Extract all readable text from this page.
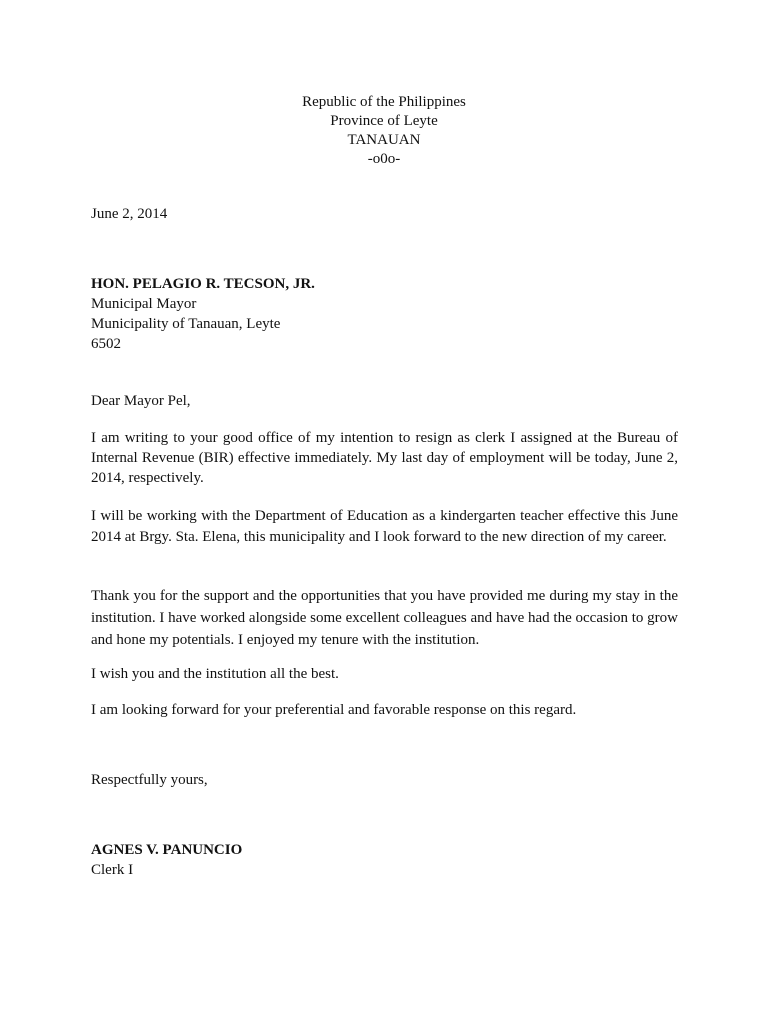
Republic of the Philippines
Province of Leyte
TANAUAN
-o0o-
June 2, 2014
HON. PELAGIO R. TECSON, JR.
Municipal Mayor
Municipality of Tanauan, Leyte
6502
Dear Mayor Pel,

I am writing to your good office of my intention to resign as clerk I assigned at the Bureau of Internal Revenue (BIR) effective immediately. My last day of employment will be today, June 2, 2014, respectively.

I will be working with the Department of Education as a kindergarten teacher effective this June 2014 at Brgy. Sta. Elena, this municipality and I look forward to the new direction of my career.

Thank you for the support and the opportunities that you have provided me during my stay in the institution. I have worked alongside some excellent colleagues and have had the occasion to grow and hone my potentials. I enjoyed my tenure with the institution.

I wish you and the institution all the best.

I am looking forward for your preferential and favorable response on this regard.

Respectfully yours,
AGNES V. PANUNCIO
Clerk I
